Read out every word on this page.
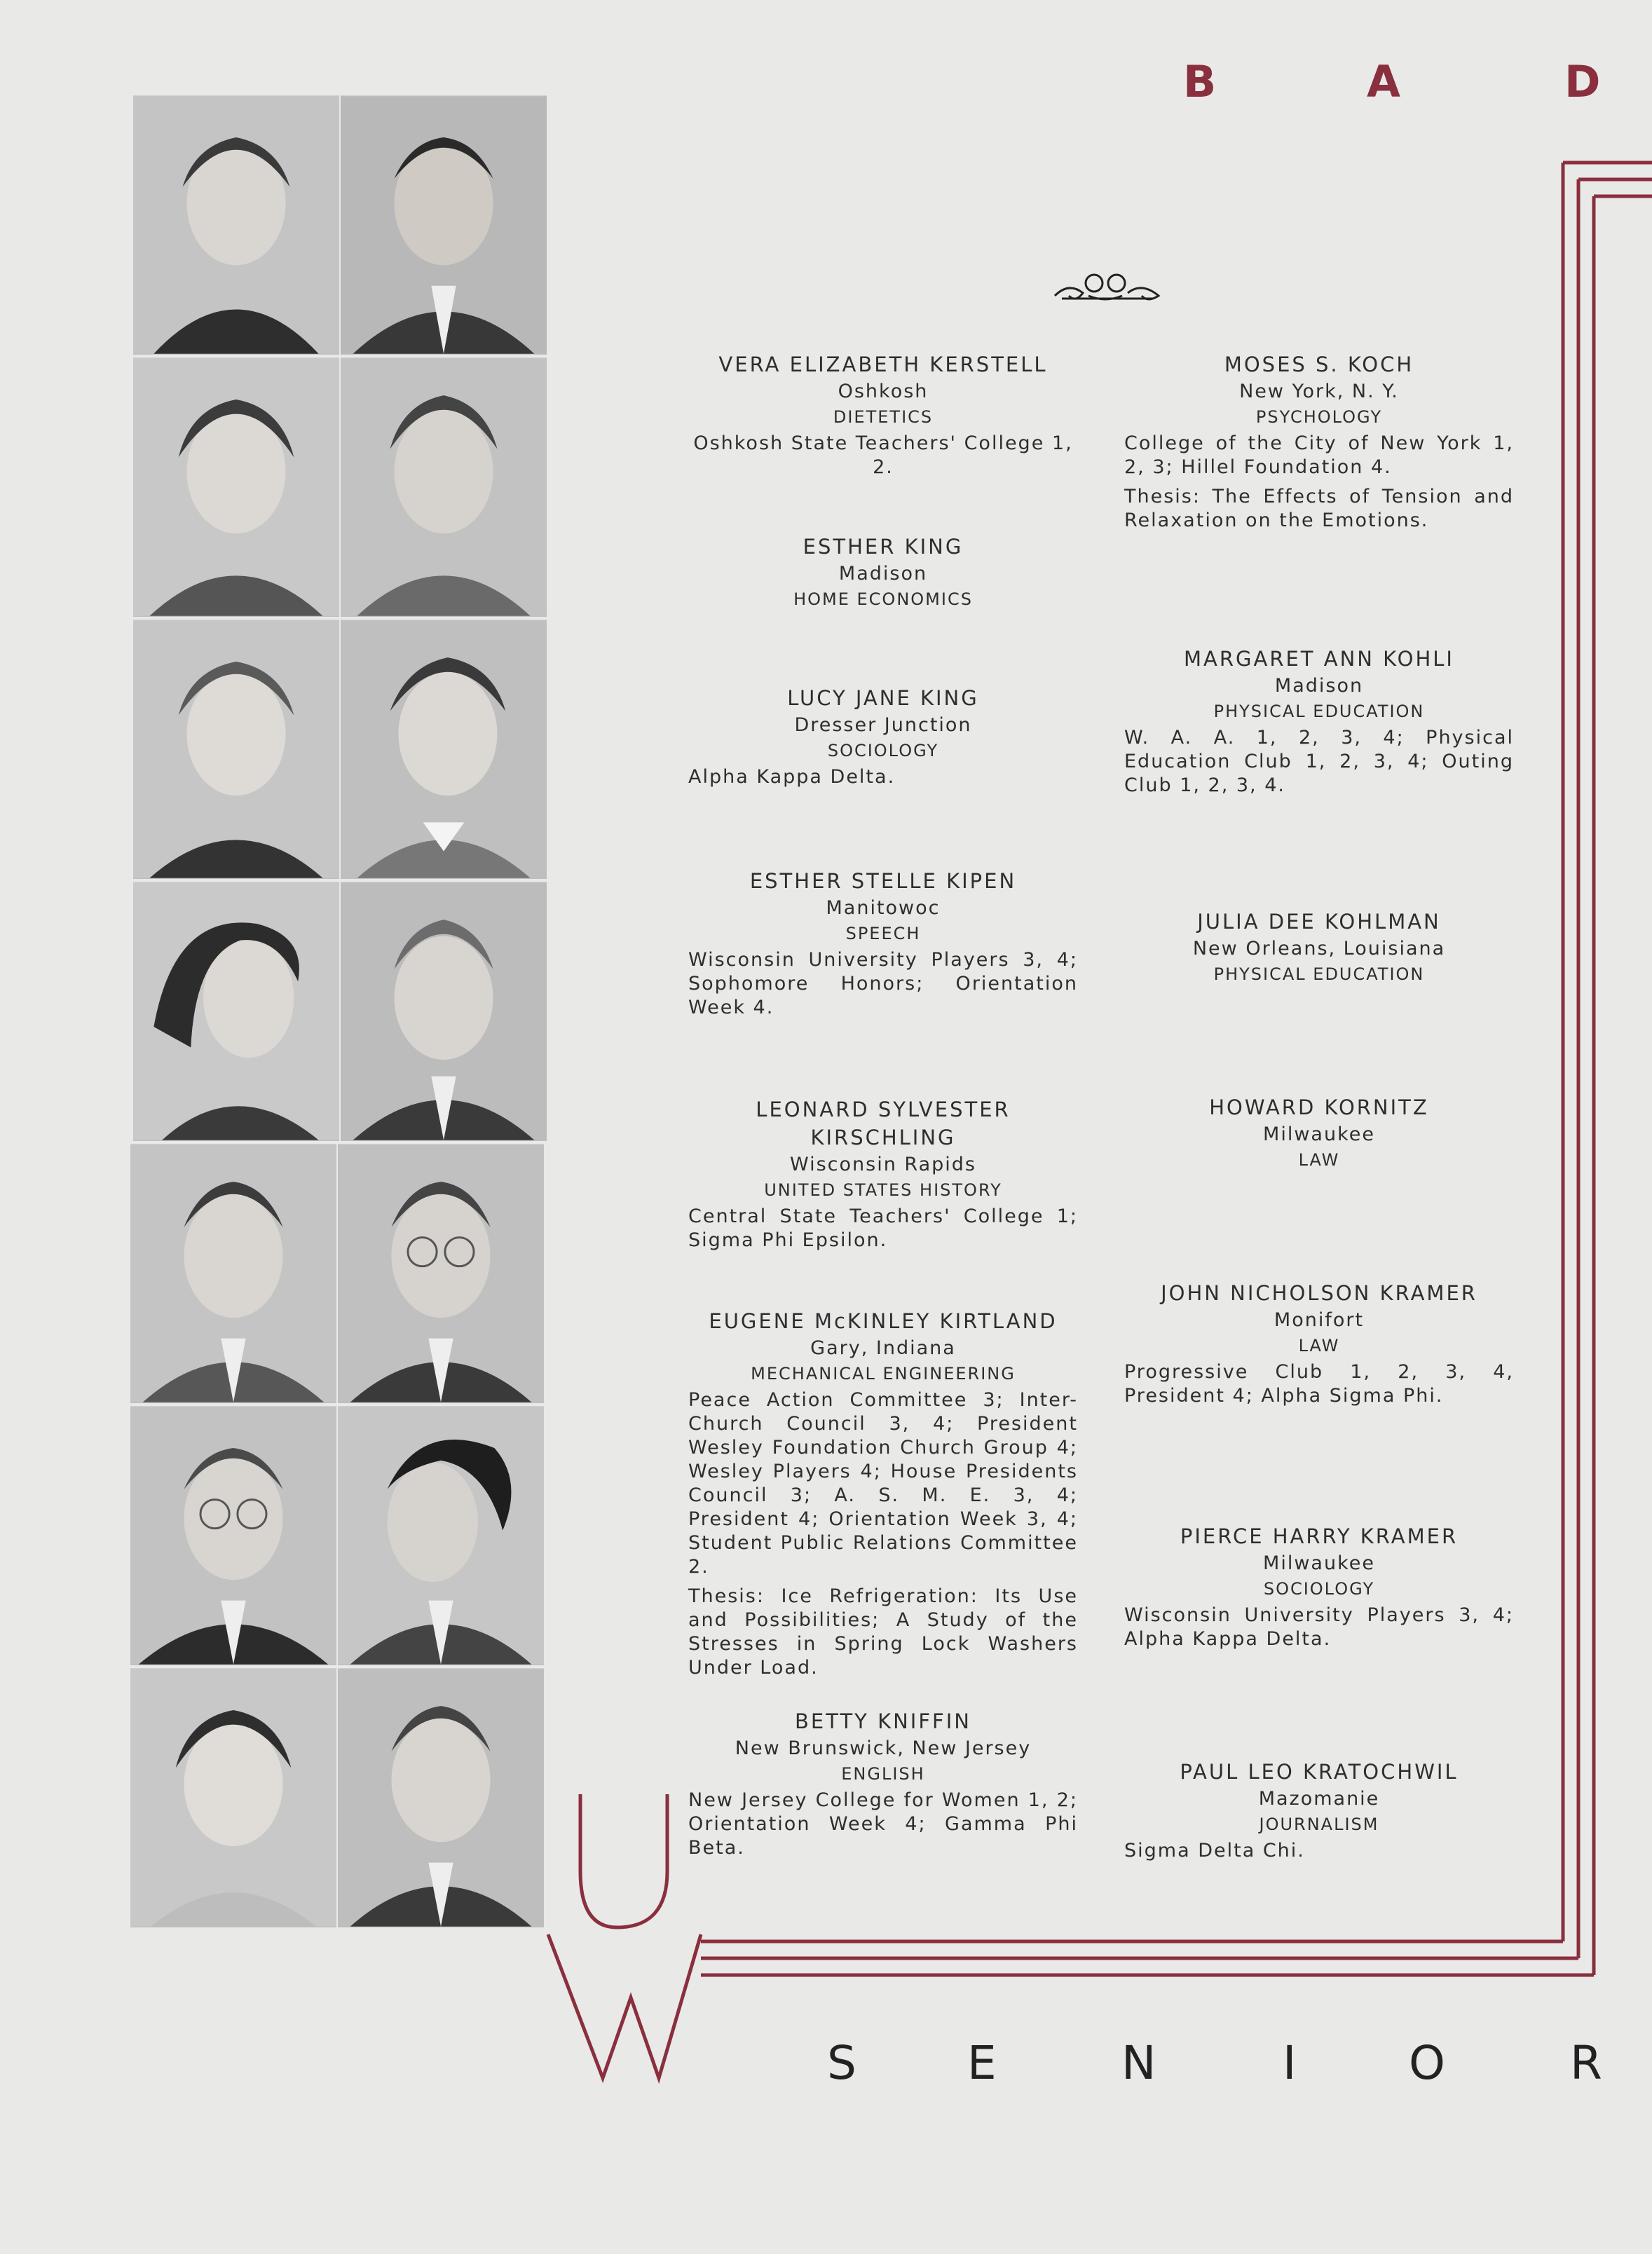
B	A	D
VERA ELIZABETH KERSTELL
Oshkosh
DIETETICS
Oshkosh State Teachers' College 1, 2.
ESTHER KING
Madison
HOME ECONOMICS
LUCY JANE KING
Dresser Junction
SOCIOLOGY
Alpha Kappa Delta.
ESTHER STELLE KIPEN
Manitowoc
SPEECH
Wisconsin University Players 3, 4; Sophomore Honors; Orientation Week 4.
LEONARD SYLVESTER KIRSCHLING
Wisconsin Rapids
UNITED STATES HISTORY
Central State Teachers' College 1; Sigma Phi Epsilon.
EUGENE McKINLEY KIRTLAND
Gary, Indiana
MECHANICAL ENGINEERING
Peace Action Committee 3; Inter-Church Council 3, 4; President Wesley Foundation Church Group 4; Wesley Players 4; House Presidents Council 3; A. S. M. E. 3, 4; President 4; Orientation Week 3, 4; Student Public Relations Committee 2.
Thesis: Ice Refrigeration: Its Use and Possibilities; A Study of the Stresses in Spring Lock Washers Under Load.
BETTY KNIFFIN
New Brunswick, New Jersey
ENGLISH
New Jersey College for Women 1, 2; Orientation Week 4; Gamma Phi Beta.
MOSES S. KOCH
New York, N. Y.
PSYCHOLOGY
College of the City of New York 1, 2, 3; Hillel Foundation 4.
Thesis: The Effects of Tension and Relaxation on the Emotions.
MARGARET ANN KOHLI
Madison
PHYSICAL EDUCATION
W. A. A. 1, 2, 3, 4; Physical Education Club 1, 2, 3, 4; Outing Club 1, 2, 3, 4.
JULIA DEE KOHLMAN
New Orleans, Louisiana
PHYSICAL EDUCATION
HOWARD KORNITZ
Milwaukee
LAW
JOHN NICHOLSON KRAMER
Monifort
LAW
Progressive Club 1, 2, 3, 4, President 4; Alpha Sigma Phi.
PIERCE HARRY KRAMER
Milwaukee
SOCIOLOGY
Wisconsin University Players 3, 4; Alpha Kappa Delta.
PAUL LEO KRATOCHWIL
Mazomanie
JOURNALISM
Sigma Delta Chi.
S E	N	I O	R
